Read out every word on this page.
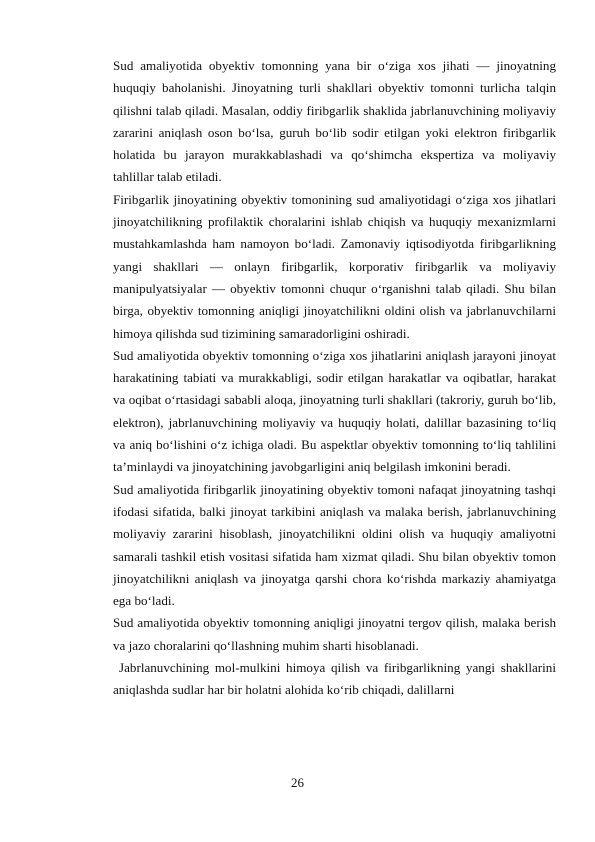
Sud amaliyotida obyektiv tomonning yana bir o‘ziga xos jihati — jinoyatning huquqiy baholanishi. Jinoyatning turli shakllari obyektiv tomonni turlicha talqin qilishni talab qiladi. Masalan, oddiy firibgarlik shaklida jabrlanuvchining moliyaviy zararini aniqlash oson bo‘lsa, guruh bo‘lib sodir etilgan yoki elektron firibgarlik holatida bu jarayon murakkablashadi va qo‘shimcha ekspertiza va moliyaviy tahlillar talab etiladi.

Firibgarlik jinoyatining obyektiv tomonining sud amaliyotidagi o‘ziga xos jihatlari jinoyatchilikning profilaktik choralarini ishlab chiqish va huquqiy mexanizmlarni mustahkamlashda ham namoyon bo‘ladi. Zamonaviy iqtisodiyotda firibgarlikning yangi shakllari — onlayn firibgarlik, korporativ firibgarlik va moliyaviy manipulyatsiyalar — obyektiv tomonni chuqur o‘rganishni talab qiladi. Shu bilan birga, obyektiv tomonning aniqligi jinoyatchilikni oldini olish va jabrlanuvchilarni himoya qilishda sud tizimining samaradorligini oshiradi.

Sud amaliyotida obyektiv tomonning o‘ziga xos jihatlarini aniqlash jarayoni jinoyat harakatining tabiati va murakkabligi, sodir etilgan harakatlar va oqibatlar, harakat va oqibat o‘rtasidagi sababli aloqa, jinoyatning turli shakllari (takroriy, guruh bo‘lib, elektron), jabrlanuvchining moliyaviy va huquqiy holati, dalillar bazasining to‘liq va aniq bo‘lishini o‘z ichiga oladi. Bu aspektlar obyektiv tomonning to‘liq tahlilini ta’minlaydi va jinoyatchining javobgarligini aniq belgilash imkonini beradi.

Sud amaliyotida firibgarlik jinoyatining obyektiv tomoni nafaqat jinoyatning tashqi ifodasi sifatida, balki jinoyat tarkibini aniqlash va malaka berish, jabrlanuvchining moliyaviy zararini hisoblash, jinoyatchilikni oldini olish va huquqiy amaliyotni samarali tashkil etish vositasi sifatida ham xizmat qiladi. Shu bilan obyektiv tomon jinoyatchilikni aniqlash va jinoyatga qarshi chora ko‘rishda markaziy ahamiyatga ega bo‘ladi.

Sud amaliyotida obyektiv tomonning aniqligi jinoyatni tergov qilish, malaka berish va jazo choralarini qo‘llashning muhim sharti hisoblanadi.

Jabrlanuvchining mol-mulkini himoya qilish va firibgarlikning yangi shakllarini aniqlashda sudlar har bir holatni alohida ko‘rib chiqadi, dalillarni

26
